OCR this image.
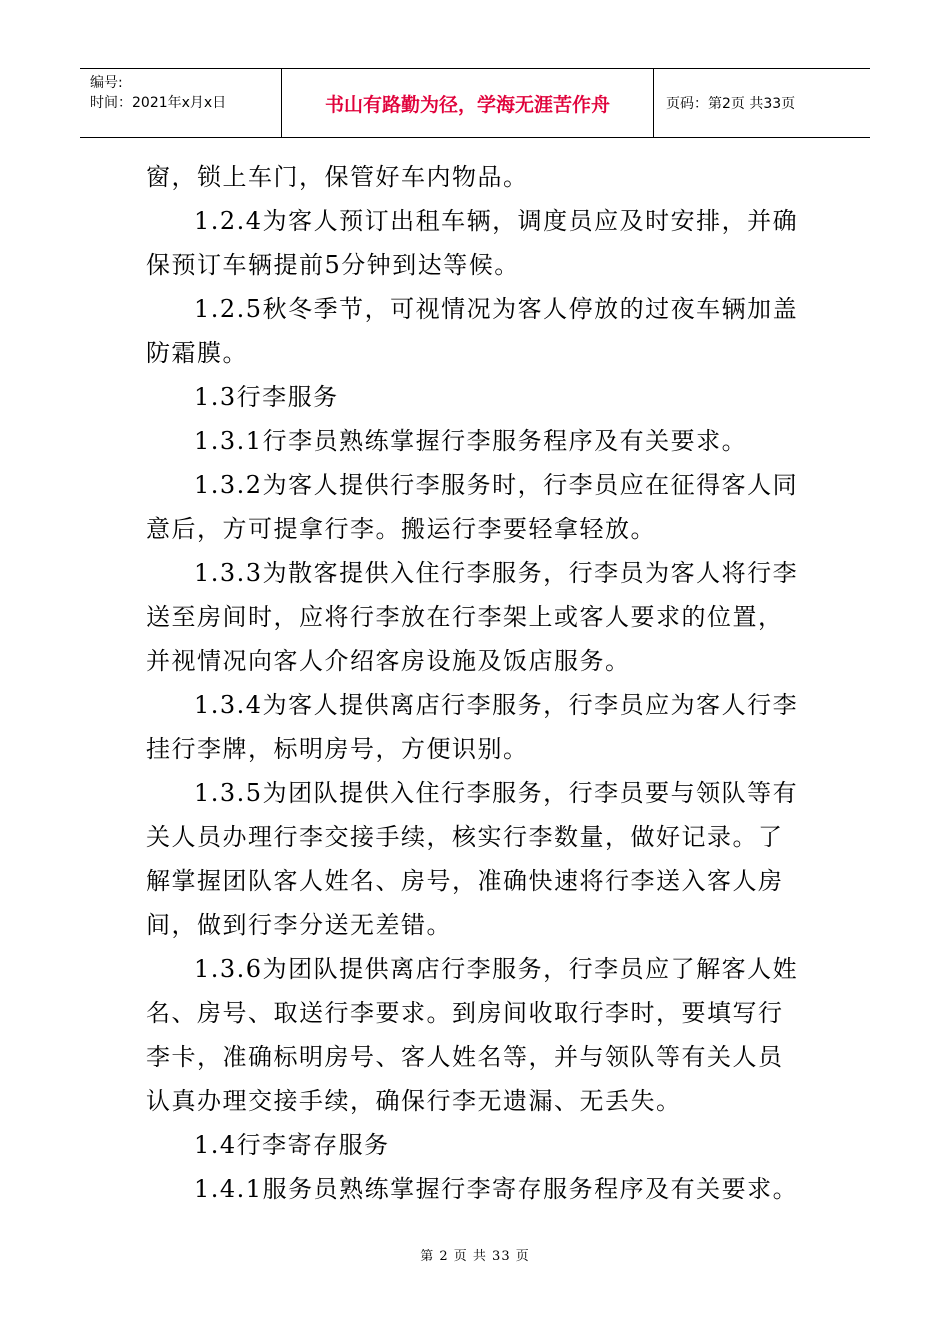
编号:
时间：2021年x月x日	书山有路勤为径，学海无涯苦作舟	页码：第2页 共33页
窗，锁上车门，保管好车内物品。
1.2.4为客人预订出租车辆，调度员应及时安排，并确
保预订车辆提前5分钟到达等候。
1.2.5秋冬季节，可视情况为客人停放的过夜车辆加盖
防霜膜。
1.3行李服务
1.3.1行李员熟练掌握行李服务程序及有关要求。
1.3.2为客人提供行李服务时，行李员应在征得客人同
意后，方可提拿行李。搬运行李要轻拿轻放。
1.3.3为散客提供入住行李服务，行李员为客人将行李
送至房间时，应将行李放在行李架上或客人要求的位置，
并视情况向客人介绍客房设施及饭店服务。
1.3.4为客人提供离店行李服务，行李员应为客人行李
挂行李牌，标明房号，方便识别。
1.3.5为团队提供入住行李服务，行李员要与领队等有
关人员办理行李交接手续，核实行李数量，做好记录。了
解掌握团队客人姓名、房号，准确快速将行李送入客人房
间，做到行李分送无差错。
1.3.6为团队提供离店行李服务，行李员应了解客人姓
名、房号、取送行李要求。到房间收取行李时，要填写行
李卡，准确标明房号、客人姓名等，并与领队等有关人员
认真办理交接手续，确保行李无遗漏、无丢失。
1.4行李寄存服务
1.4.1服务员熟练掌握行李寄存服务程序及有关要求。
第 2 页 共 33 页
